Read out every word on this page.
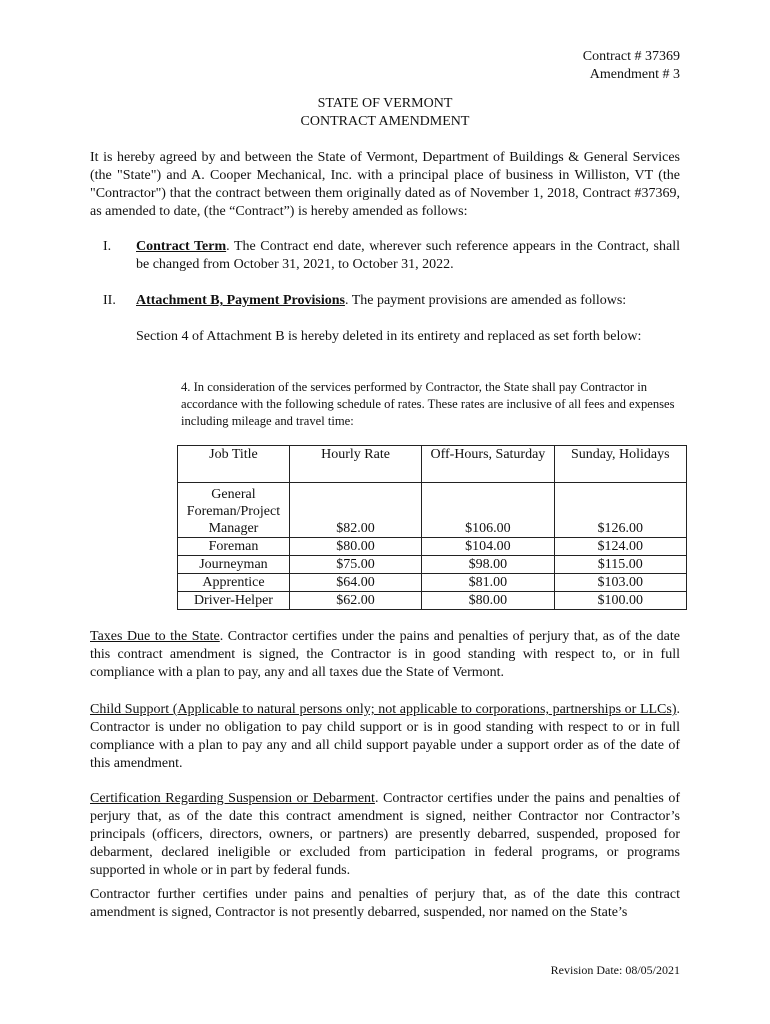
Contract # 37369
Amendment # 3
STATE OF VERMONT
CONTRACT AMENDMENT

It is hereby agreed by and between the State of Vermont, Department of Buildings & General Services (the "State") and A. Cooper Mechanical, Inc. with a principal place of business in Williston, VT (the "Contractor") that the contract between them originally dated as of November 1, 2018, Contract #37369, as amended to date, (the “Contract”) is hereby amended as follows:

I. Contract Term. The Contract end date, wherever such reference appears in the Contract, shall be changed from October 31, 2021, to October 31, 2022.

II. Attachment B, Payment Provisions. The payment provisions are amended as follows:

Section 4 of Attachment B is hereby deleted in its entirety and replaced as set forth below:

4. In consideration of the services performed by Contractor, the State shall pay Contractor in accordance with the following schedule of rates. These rates are inclusive of all fees and expenses including mileage and travel time:

Job Title	Hourly Rate	Off-Hours, Saturday	Sunday, Holidays
General Foreman/Project Manager	$82.00	$106.00	$126.00
Foreman	$80.00	$104.00	$124.00
Journeyman	$75.00	$98.00	$115.00
Apprentice	$64.00	$81.00	$103.00
Driver-Helper	$62.00	$80.00	$100.00

Taxes Due to the State. Contractor certifies under the pains and penalties of perjury that, as of the date this contract amendment is signed, the Contractor is in good standing with respect to, or in full compliance with a plan to pay, any and all taxes due the State of Vermont.

Child Support (Applicable to natural persons only; not applicable to corporations, partnerships or LLCs). Contractor is under no obligation to pay child support or is in good standing with respect to or in full compliance with a plan to pay any and all child support payable under a support order as of the date of this amendment.

Certification Regarding Suspension or Debarment. Contractor certifies under the pains and penalties of perjury that, as of the date this contract amendment is signed, neither Contractor nor Contractor’s principals (officers, directors, owners, or partners) are presently debarred, suspended, proposed for debarment, declared ineligible or excluded from participation in federal programs, or programs supported in whole or in part by federal funds.

Contractor further certifies under pains and penalties of perjury that, as of the date this contract amendment is signed, Contractor is not presently debarred, suspended, nor named on the State’s

Revision Date: 08/05/2021
